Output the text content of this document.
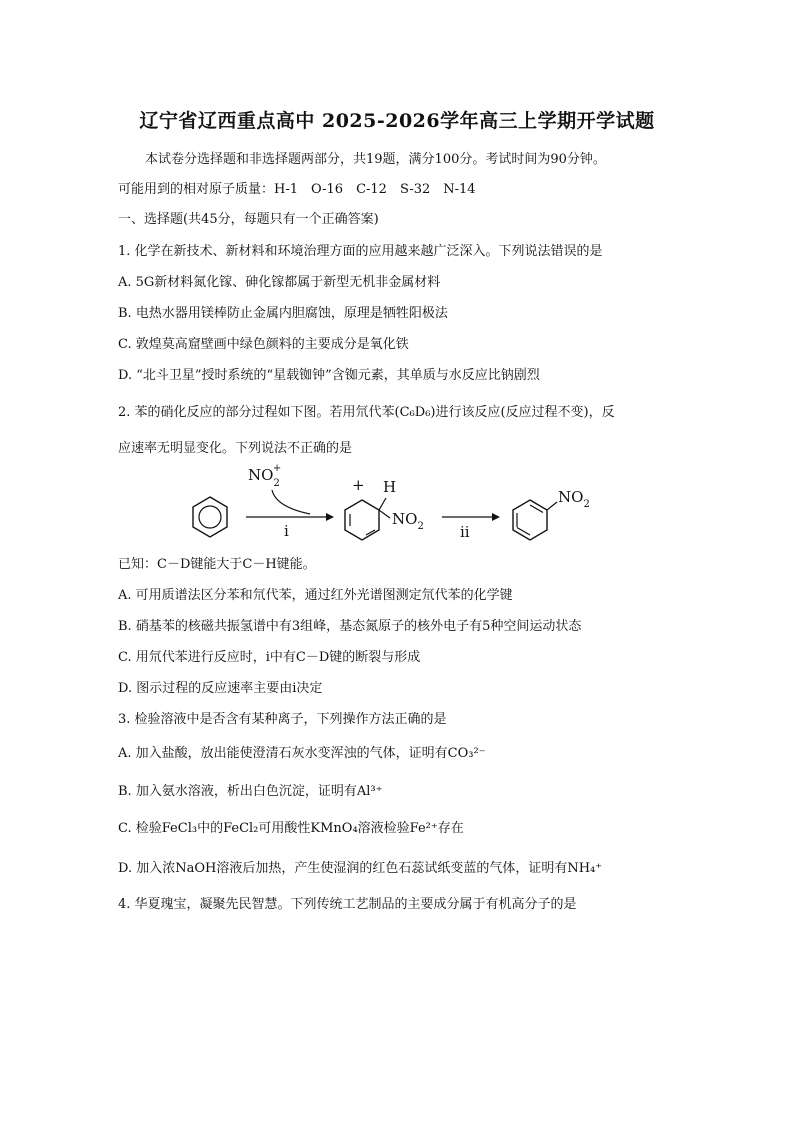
辽宁省辽西重点高中 2025-2026学年高三上学期开学试题
本试卷分选择题和非选择题两部分，共19题，满分100分。考试时间为90分钟。
可能用到的相对原子质量：H-1　O-16　C-12　S-32　N-14
一、选择题(共45分，每题只有一个正确答案)
1. 化学在新技术、新材料和环境治理方面的应用越来越广泛深入。下列说法错误的是
A. 5G新材料氮化镓、砷化镓都属于新型无机非金属材料
B. 电热水器用镁棒防止金属内胆腐蚀，原理是牺牲阳极法
C. 敦煌莫高窟壁画中绿色颜料的主要成分是氧化铁
D. “北斗卫星”授时系统的“星载铷钟”含铷元素，其单质与水反应比钠剧烈
2. 苯的硝化反应的部分过程如下图。若用氘代苯(C₆D₆)进行该反应(反应过程不变)，反
应速率无明显变化。下列说法不正确的是
$NO_2+$
i
+ H
$NO_2$ ii
$NO_2$
已知：C－D键能大于C－H键能。
A. 可用质谱法区分苯和氘代苯，通过红外光谱图测定氘代苯的化学键
B. 硝基苯的核磁共振氢谱中有3组峰，基态氮原子的核外电子有5种空间运动状态
C. 用氘代苯进行反应时，i中有C－D键的断裂与形成
D. 图示过程的反应速率主要由i决定
3. 检验溶液中是否含有某种离子，下列操作方法正确的是
A. 加入盐酸，放出能使澄清石灰水变浑浊的气体，证明有CO₃²⁻
B. 加入氨水溶液，析出白色沉淀，证明有Al³⁺
C. 检验FeCl₃中的FeCl₂可用酸性KMnO₄溶液检验Fe²⁺存在
D. 加入浓NaOH溶液后加热，产生使湿润的红色石蕊试纸变蓝的气体，证明有NH₄⁺
4. 华夏瑰宝，凝聚先民智慧。下列传统工艺制品的主要成分属于有机高分子的是
